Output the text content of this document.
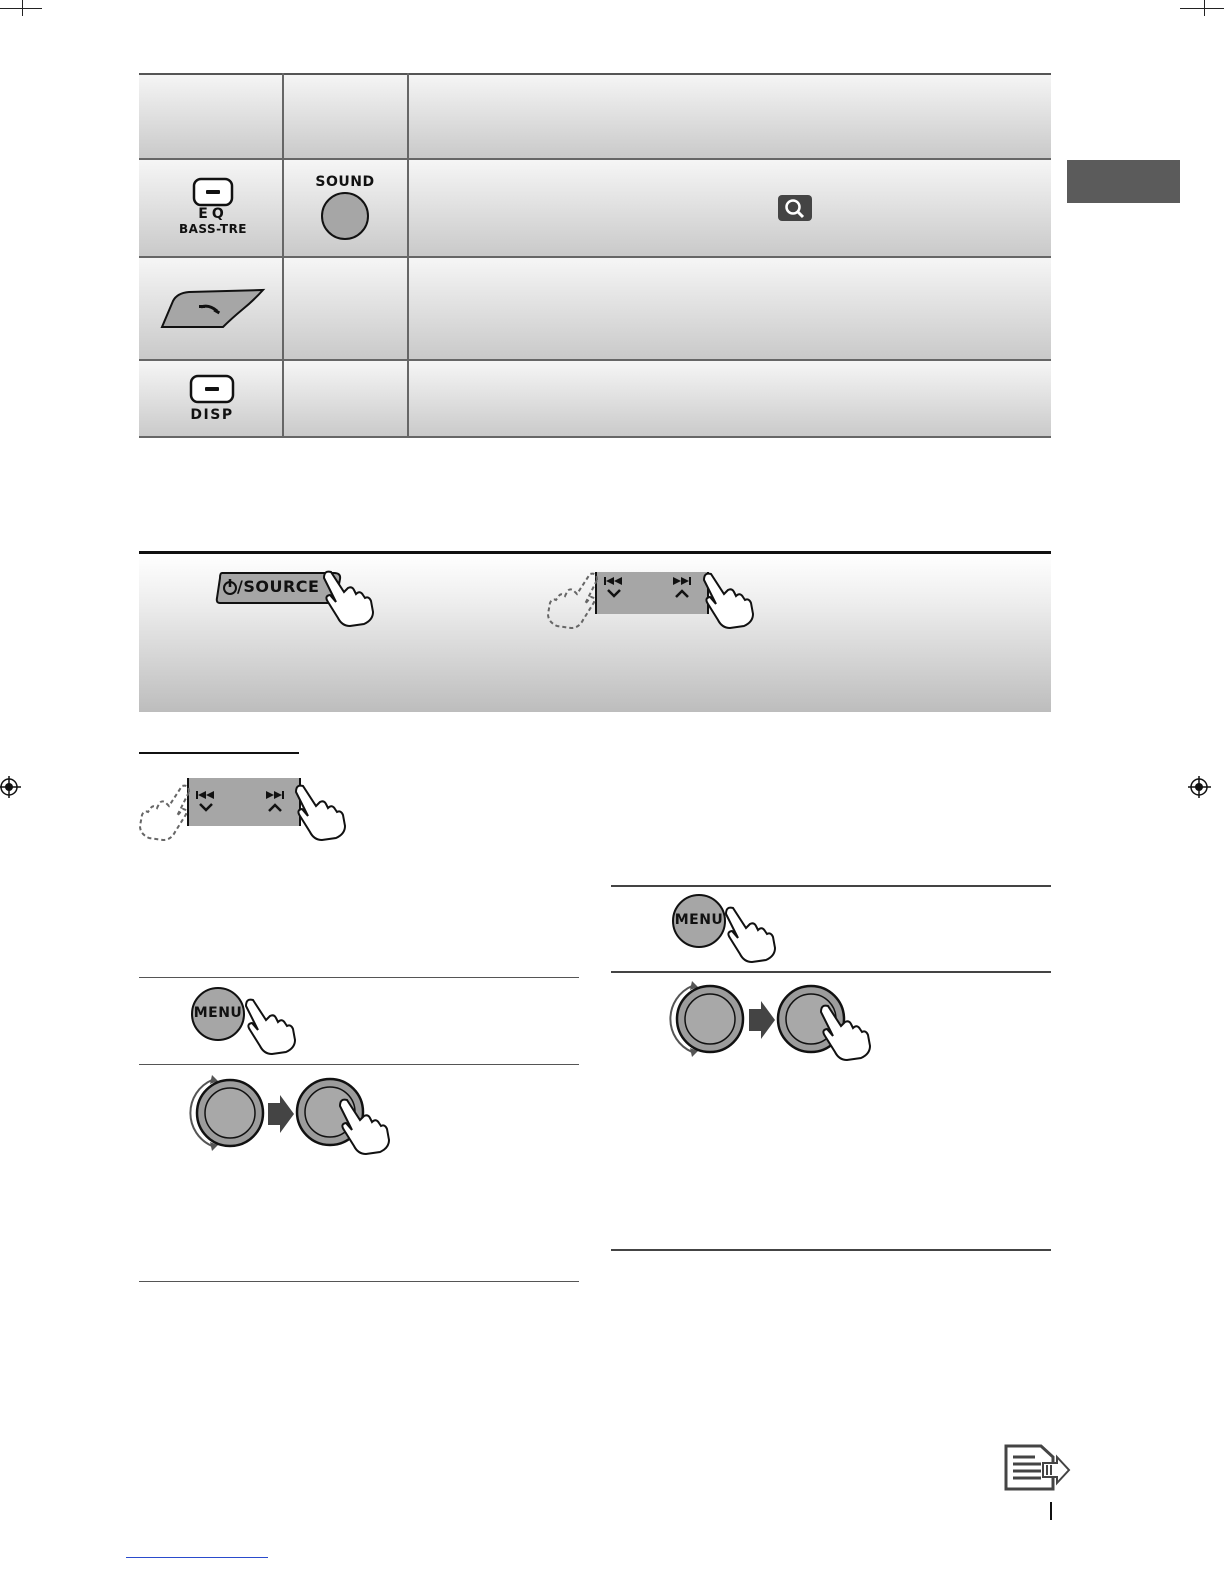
EQ
BASS-TRE
SOUND
DISP
/SOURCE
MENU
MENU
